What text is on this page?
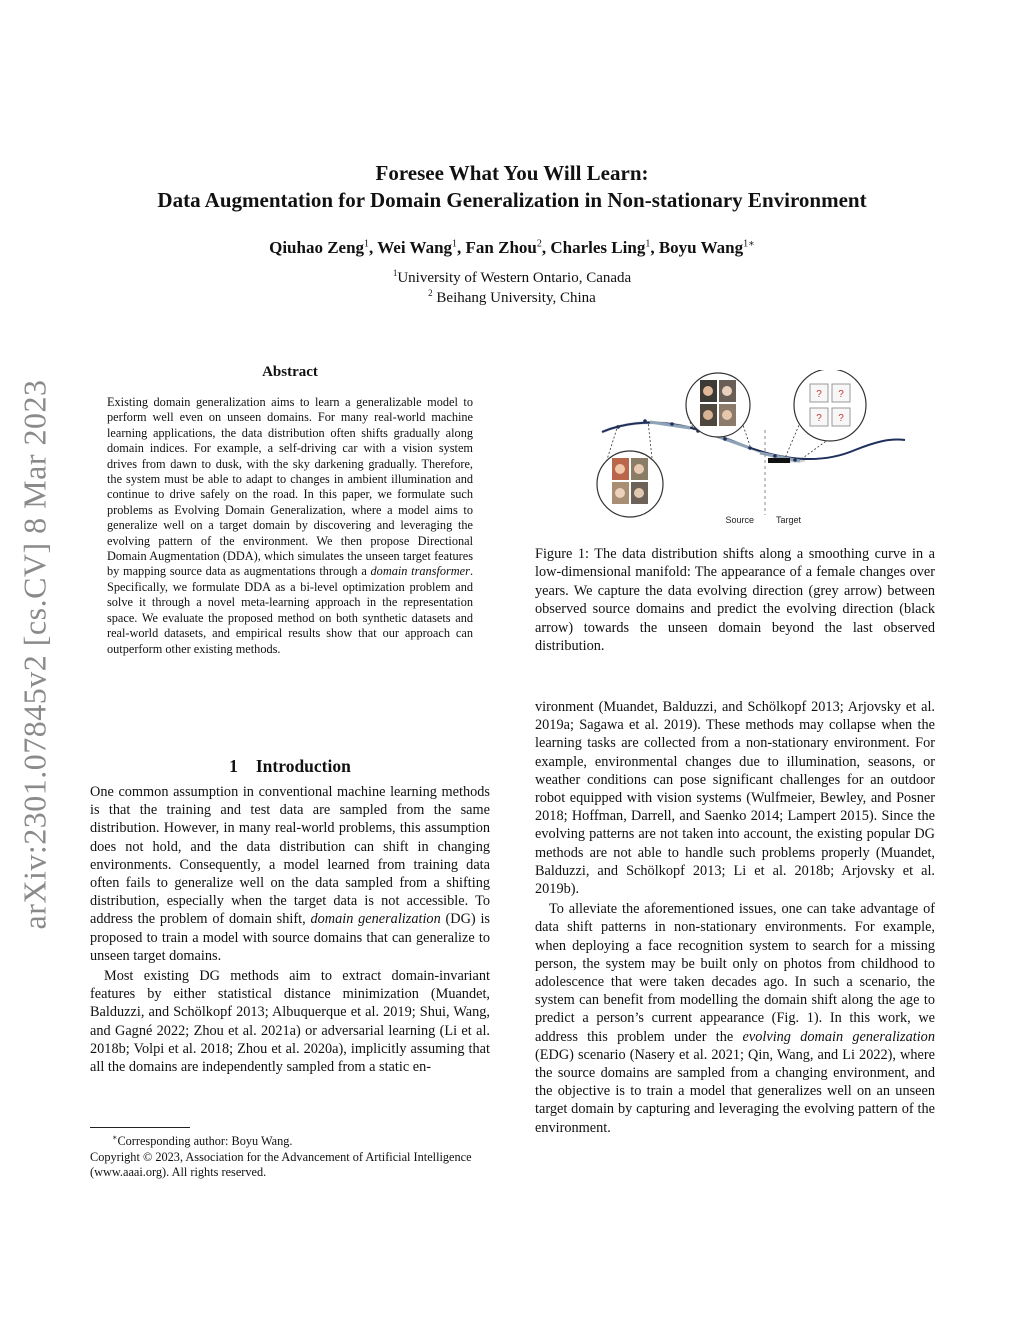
arXiv:2301.07845v2 [cs.CV] 8 Mar 2023
Foresee What You Will Learn:
Data Augmentation for Domain Generalization in Non-stationary Environment
Qiuhao Zeng$^1$, Wei Wang$^1$, Fan Zhou$^2$, Charles Ling$^1$, Boyu Wang$^{1∗}$
$^1$University of Western Ontario, Canada
$^2$ Beihang University, China
Abstract

Existing domain generalization aims to learn a generalizable model to perform well even on unseen domains. For many real-world machine learning applications, the data distribution often shifts gradually along domain indices. For example, a self-driving car with a vision system drives from dawn to dusk, with the sky darkening gradually. Therefore, the system must be able to adapt to changes in ambient illumination and continue to drive safely on the road. In this paper, we formulate such problems as Evolving Domain Generalization, where a model aims to generalize well on a target domain by discovering and leveraging the evolving pattern of the environment. We then propose Directional Domain Augmentation (DDA), which simulates the unseen target features by mapping source data as augmentations through a domain transformer. Specifically, we formulate DDA as a bi-level optimization problem and solve it through a novel meta-learning approach in the representation space. We evaluate the proposed method on both synthetic datasets and real-world datasets, and empirical results show that our approach can outperform other existing methods.

1 Introduction

One common assumption in conventional machine learning methods is that the training and test data are sampled from the same distribution. However, in many real-world problems, this assumption does not hold, and the data distribution can shift in changing environments. Consequently, a model learned from training data often fails to generalize well on the data sampled from a shifting distribution, especially when the target data is not accessible. To address the problem of domain shift, domain generalization (DG) is proposed to train a model with source domains that can generalize to unseen target domains.

Most existing DG methods aim to extract domain-invariant features by either statistical distance minimization (Muandet, Balduzzi, and Schölkopf 2013; Albuquerque et al. 2019; Shui, Wang, and Gagné 2022; Zhou et al. 2021a) or adversarial learning (Li et al. 2018b; Volpi et al. 2018; Zhou et al. 2020a), implicitly assuming that all the domains are independently sampled from a static en-

∗Corresponding author: Boyu Wang.
Copyright © 2023, Association for the Advancement of Artificial Intelligence (www.aaai.org). All rights reserved.
? ?
? ?
Source Target
Figure 1: The data distribution shifts along a smoothing curve in a low-dimensional manifold: The appearance of a female changes over years. We capture the data evolving direction (grey arrow) between observed source domains and predict the evolving direction (black arrow) towards the unseen domain beyond the last observed distribution.

vironment (Muandet, Balduzzi, and Schölkopf 2013; Arjovsky et al. 2019a; Sagawa et al. 2019). These methods may collapse when the learning tasks are collected from a non-stationary environment. For example, environmental changes due to illumination, seasons, or weather conditions can pose significant challenges for an outdoor robot equipped with vision systems (Wulfmeier, Bewley, and Posner 2018; Hoffman, Darrell, and Saenko 2014; Lampert 2015). Since the evolving patterns are not taken into account, the existing popular DG methods are not able to handle such problems properly (Muandet, Balduzzi, and Schölkopf 2013; Li et al. 2018b; Arjovsky et al. 2019b).

To alleviate the aforementioned issues, one can take advantage of data shift patterns in non-stationary environments. For example, when deploying a face recognition system to search for a missing person, the system may be built only on photos from childhood to adolescence that were taken decades ago. In such a scenario, the system can benefit from modelling the domain shift along the age to predict a person’s current appearance (Fig. 1). In this work, we address this problem under the evolving domain generalization (EDG) scenario (Nasery et al. 2021; Qin, Wang, and Li 2022), where the source domains are sampled from a changing environment, and the objective is to train a model that generalizes well on an unseen target domain by capturing and leveraging the evolving pattern of the environment.
